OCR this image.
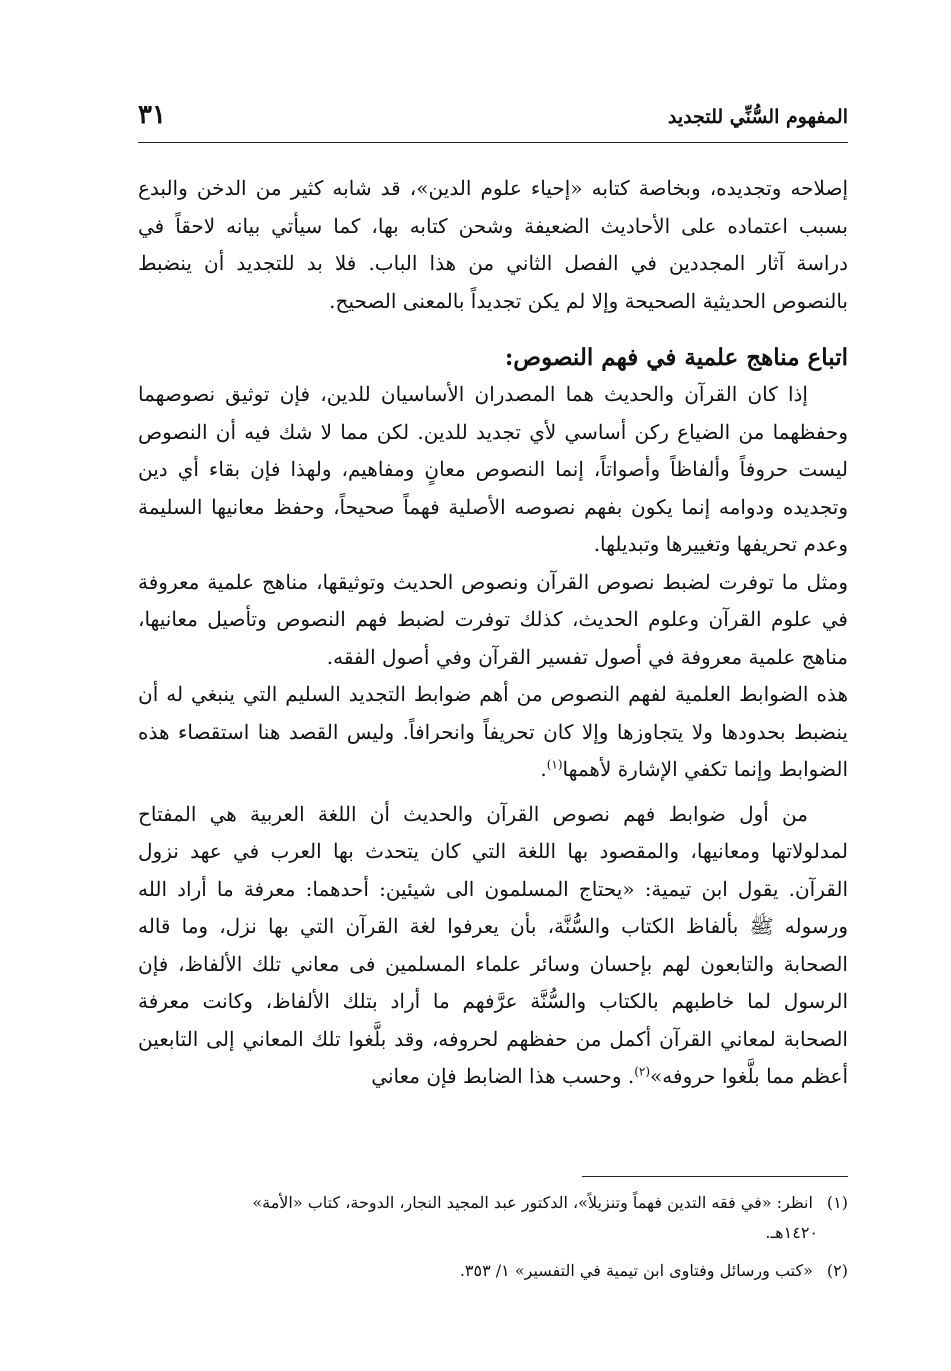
المفهوم السُّنِّي للتجديد
٣١

إصلاحه وتجديده، وبخاصة كتابه «إحياء علوم الدين»، قد شابه كثير من الدخن والبدع بسبب اعتماده على الأحاديث الضعيفة وشحن كتابه بها، كما سيأتي بيانه لاحقاً في دراسة آثار المجددين في الفصل الثاني من هذا الباب. فلا بد للتجديد أن ينضبط بالنصوص الحديثية الصحيحة وإلا لم يكن تجديداً بالمعنى الصحيح.

اتباع مناهج علمية في فهم النصوص:

إذا كان القرآن والحديث هما المصدران الأساسيان للدين، فإن توثيق نصوصهما وحفظهما من الضياع ركن أساسي لأي تجديد للدين. لكن مما لا شك فيه أن النصوص ليست حروفاً وألفاظاً وأصواتاً، إنما النصوص معانٍ ومفاهيم، ولهذا فإن بقاء أي دين وتجديده ودوامه إنما يكون بفهم نصوصه الأصلية فهماً صحيحاً، وحفظ معانيها السليمة وعدم تحريفها وتغييرها وتبديلها.

ومثل ما توفرت لضبط نصوص القرآن ونصوص الحديث وتوثيقها، مناهج علمية معروفة في علوم القرآن وعلوم الحديث، كذلك توفرت لضبط فهم النصوص وتأصيل معانيها، مناهج علمية معروفة في أصول تفسير القرآن وفي أصول الفقه.

هذه الضوابط العلمية لفهم النصوص من أهم ضوابط التجديد السليم التي ينبغي له أن ينضبط بحدودها ولا يتجاوزها وإلا كان تحريفاً وانحرافاً. وليس القصد هنا استقصاء هذه الضوابط وإنما تكفي الإشارة لأهمها$^{(١)}$.

من أول ضوابط فهم نصوص القرآن والحديث أن اللغة العربية هي المفتاح لمدلولاتها ومعانيها، والمقصود بها اللغة التي كان يتحدث بها العرب في عهد نزول القرآن. يقول ابن تيمية: «يحتاج المسلمون الى شيئين: أحدهما: معرفة ما أراد الله ورسوله ﷺ بألفاظ الكتاب والسُّنَّة، بأن يعرفوا لغة القرآن التي بها نزل، وما قاله الصحابة والتابعون لهم بإحسان وسائر علماء المسلمين فى معاني تلك الألفاظ، فإن الرسول لما خاطبهم بالكتاب والسُّنَّة عرَّفهم ما أراد بتلك الألفاظ، وكانت معرفة الصحابة لمعاني القرآن أكمل من حفظهم لحروفه، وقد بلَّغوا تلك المعاني إلى التابعين أعظم مما بلَّغوا حروفه»$^{(٢)}$. وحسب هذا الضابط فإن معاني

(١)انظر: «في فقه التدين فهماً وتنزيلاً»، الدكتور عبد المجيد النجار، الدوحة، كتاب «الأمة»
١٤٢٠هـ.
(٢)«كتب ورسائل وفتاوى ابن تيمية في التفسير» ١/ ٣٥٣.
